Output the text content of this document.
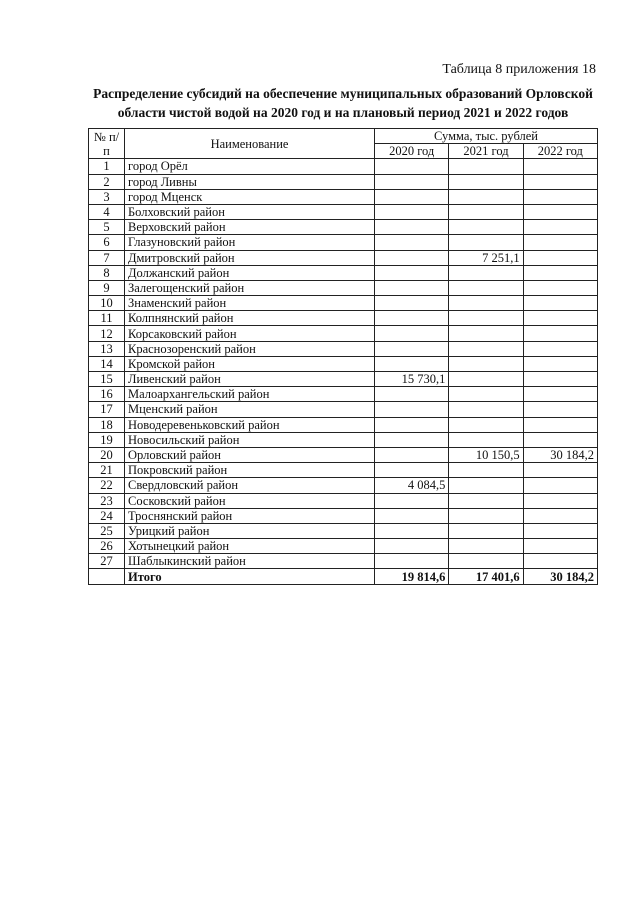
Таблица 8 приложения 18
Распределение субсидий на обеспечение муниципальных образований Орловской области чистой водой на 2020 год и на плановый период 2021 и 2022 годов
№ п/п	Наименование	Сумма, тыс. рублей		
		2020 год	2021 год	2022 год
1	город Орёл			
2	город Ливны			
3	город Мценск			
4	Болховский район			
5	Верховский район			
6	Глазуновский район			
7	Дмитровский район		7 251,1	
8	Должанский район			
9	Залегощенский район			
10	Знаменский район			
11	Колпнянский район			
12	Корсаковский район			
13	Краснозоренский район			
14	Кромской район			
15	Ливенский район	15 730,1		
16	Малоархангельский район			
17	Мценский район			
18	Новодеревеньковский район			
19	Новосильский район			
20	Орловский район		10 150,5	30 184,2
21	Покровский район			
22	Свердловский район	4 084,5		
23	Сосковский район			
24	Троснянский район			
25	Урицкий район			
26	Хотынецкий район			
27	Шаблыкинский район			
	Итого	19 814,6	17 401,6	30 184,2
